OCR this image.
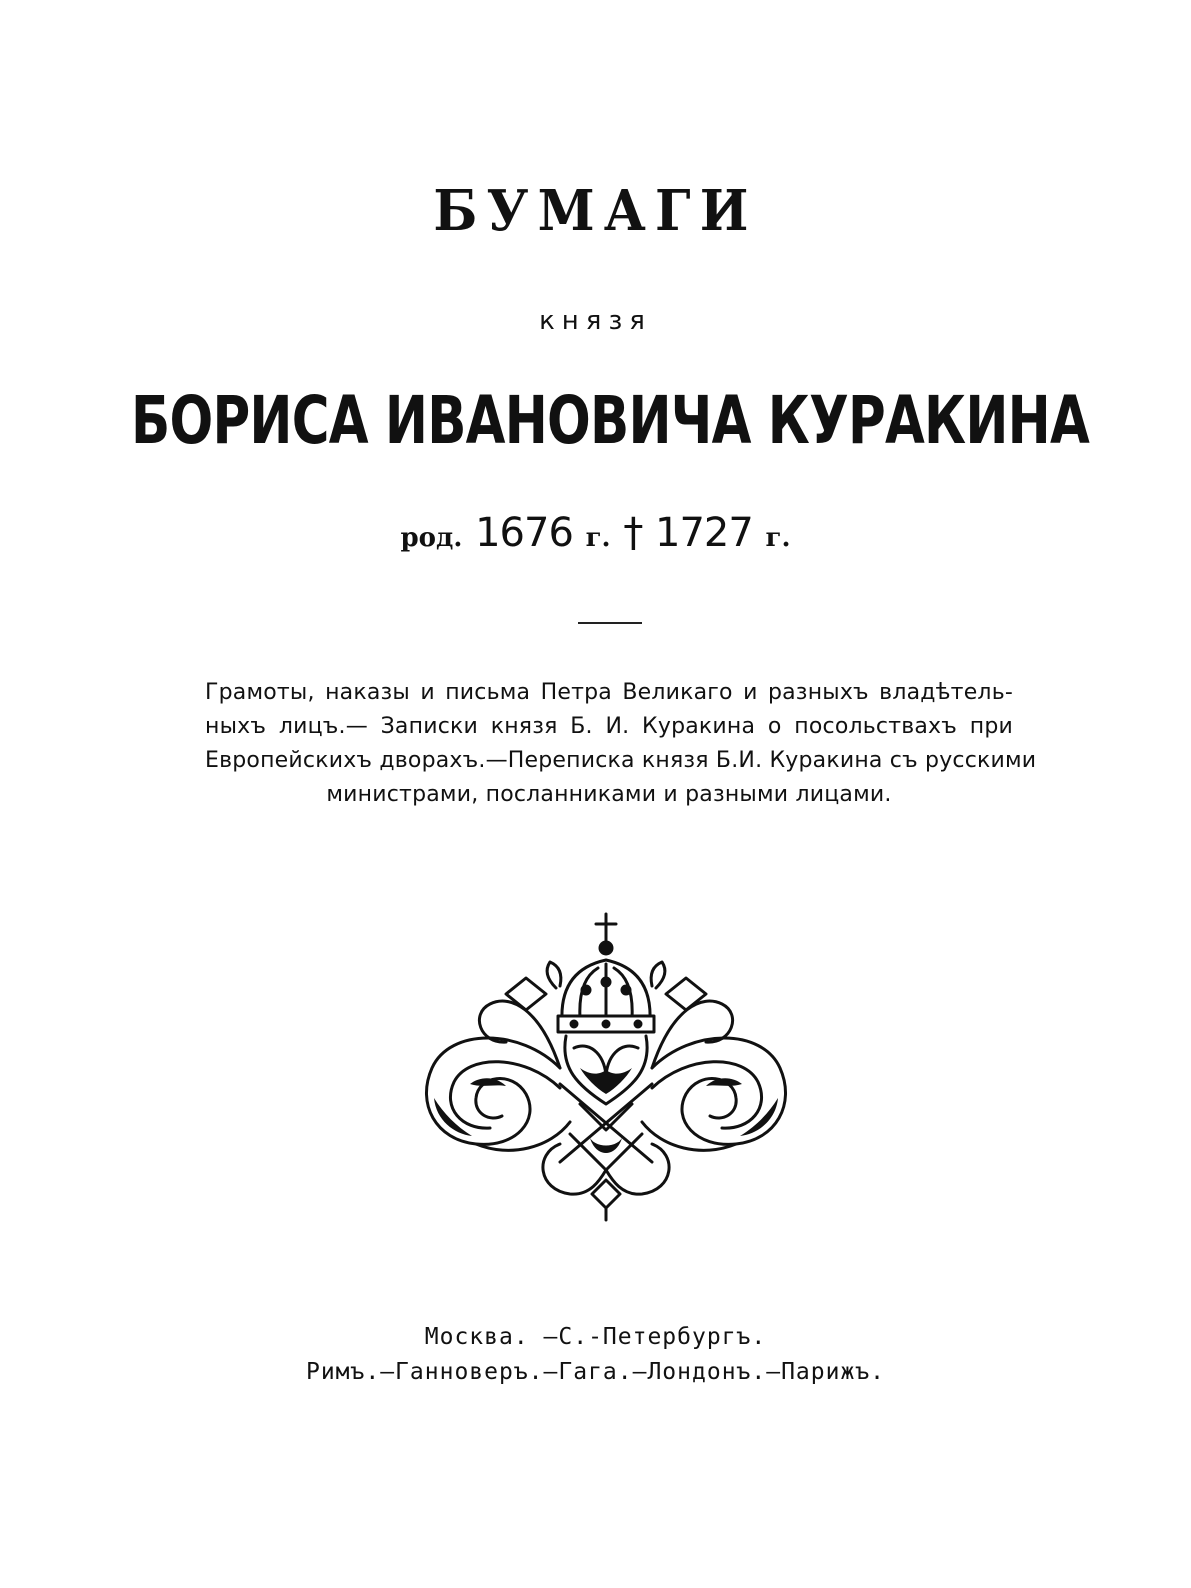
БУМАГИ
князя
БОРИСА ИВАНОВИЧА КУРАКИНА
род. 1676 г. † 1727 г.
Грамоты, наказы и письма Петра Великаго и разныхъ владѣтель-
ныхъ лицъ.— Записки князя Б. И. Куракина о посольствахъ при
Европейскихъ дворахъ.—Переписка князя Б.И. Куракина съ русскими
министрами, посланниками и разными лицами.
Москва. —С.-Петербургъ.
Римъ.—Ганноверъ.—Гага.—Лондонъ.—Парижъ.
